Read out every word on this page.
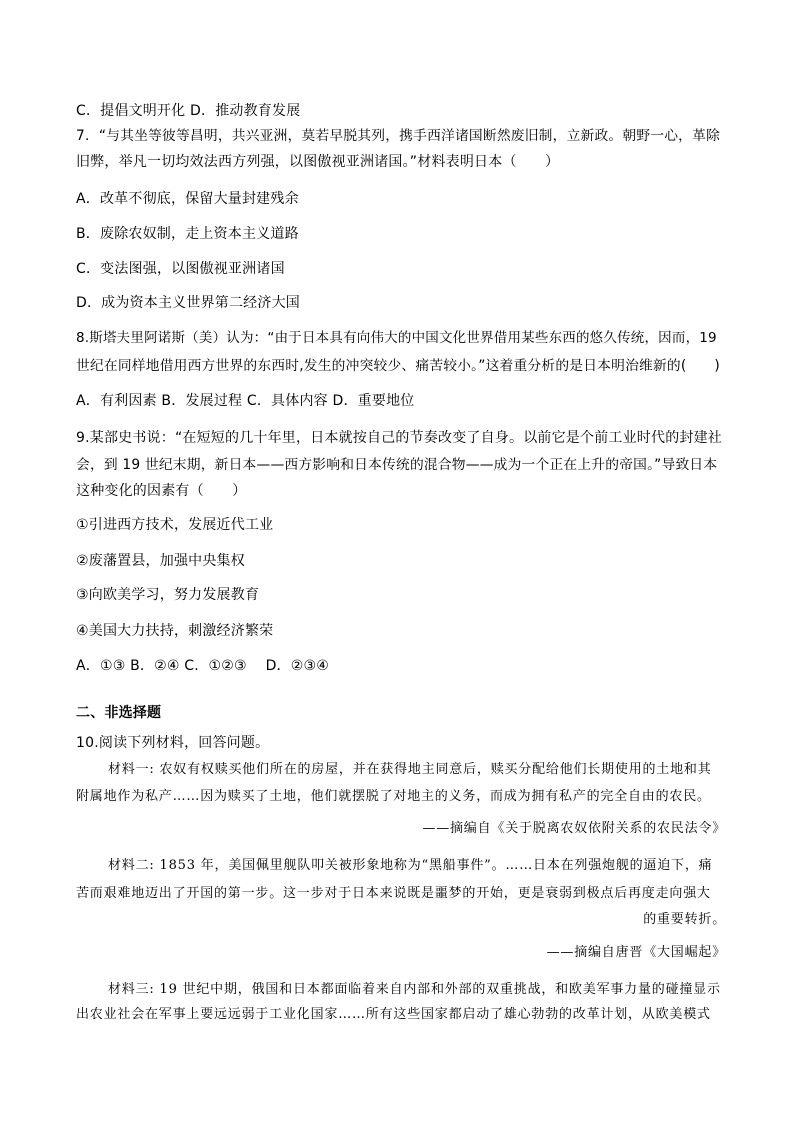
C．提倡文明开化 D．推动教育发展
7．“与其坐等彼等昌明，共兴亚洲，莫若早脱其列，携手西洋诸国断然废旧制，立新政。朝野一心，革除
旧弊，举凡一切均效法西方列强，以图傲视亚洲诸国。”材料表明日本（　　）
A．改革不彻底，保留大量封建残余
B．废除农奴制，走上资本主义道路
C．变法图强，以图傲视亚洲诸国
D．成为资本主义世界第二经济大国
8.斯塔夫里阿诺斯（美）认为：“由于日本具有向伟大的中国文化世界借用某些东西的悠久传统，因而，19
世纪在同样地借用西方世界的东西时,发生的冲突较少、痛苦较小。”这着重分析的是日本明治维新的(　　)
A．有利因素 B．发展过程 C．具体内容 D．重要地位
9.某部史书说：“在短短的几十年里，日本就按自己的节奏改变了自身。以前它是个前工业时代的封建社
会，到 19 世纪末期，新日本——西方影响和日本传统的混合物——成为一个正在上升的帝国。”导致日本
这种变化的因素有（　　）
①引进西方技术，发展近代工业
②废藩置县，加强中央集权
③向欧美学习，努力发展教育
④美国大力扶持，刺激经济繁荣
A．①③ B．②④ C．①②③　 D．②③④
二、非选择题
10.阅读下列材料，回答问题。
材料一: 农奴有权赎买他们所在的房屋，并在获得地主同意后，赎买分配给他们长期使用的土地和其
附属地作为私产……因为赎买了土地，他们就摆脱了对地主的义务，而成为拥有私产的完全自由的农民。
——摘编自《关于脱离农奴依附关系的农民法令》
材料二: 1853 年，美国佩里舰队叩关被形象地称为“黑船事件”。……日本在列强炮舰的逼迫下，痛
苦而艰难地迈出了开国的第一步。这一步对于日本来说既是噩梦的开始，更是衰弱到极点后再度走向强大
的重要转折。
——摘编自唐晋《大国崛起》
材料三: 19 世纪中期，俄国和日本都面临着来自内部和外部的双重挑战，和欧美军事力量的碰撞显示
出农业社会在军事上要远远弱于工业化国家……所有这些国家都启动了雄心勃勃的改革计划，从欧美模式
